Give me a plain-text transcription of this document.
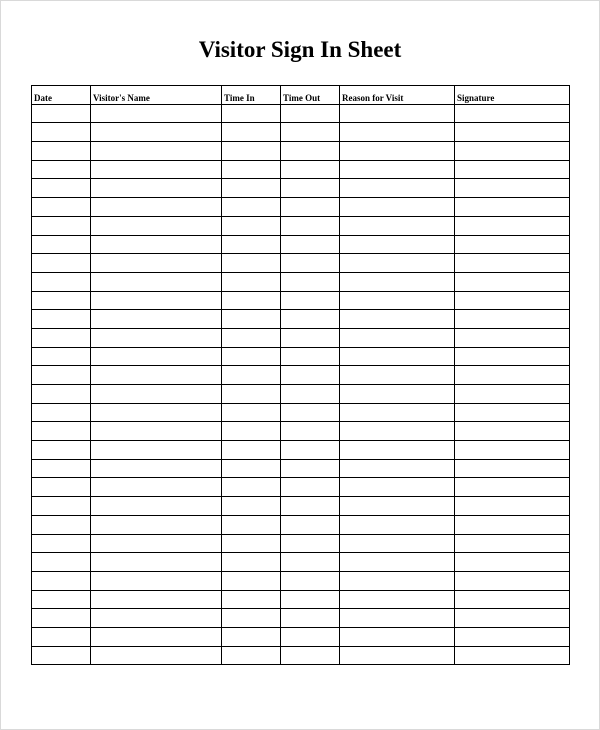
Visitor Sign In Sheet
Date	Visitor's Name	Time In	Time Out	Reason for Visit	Signature
